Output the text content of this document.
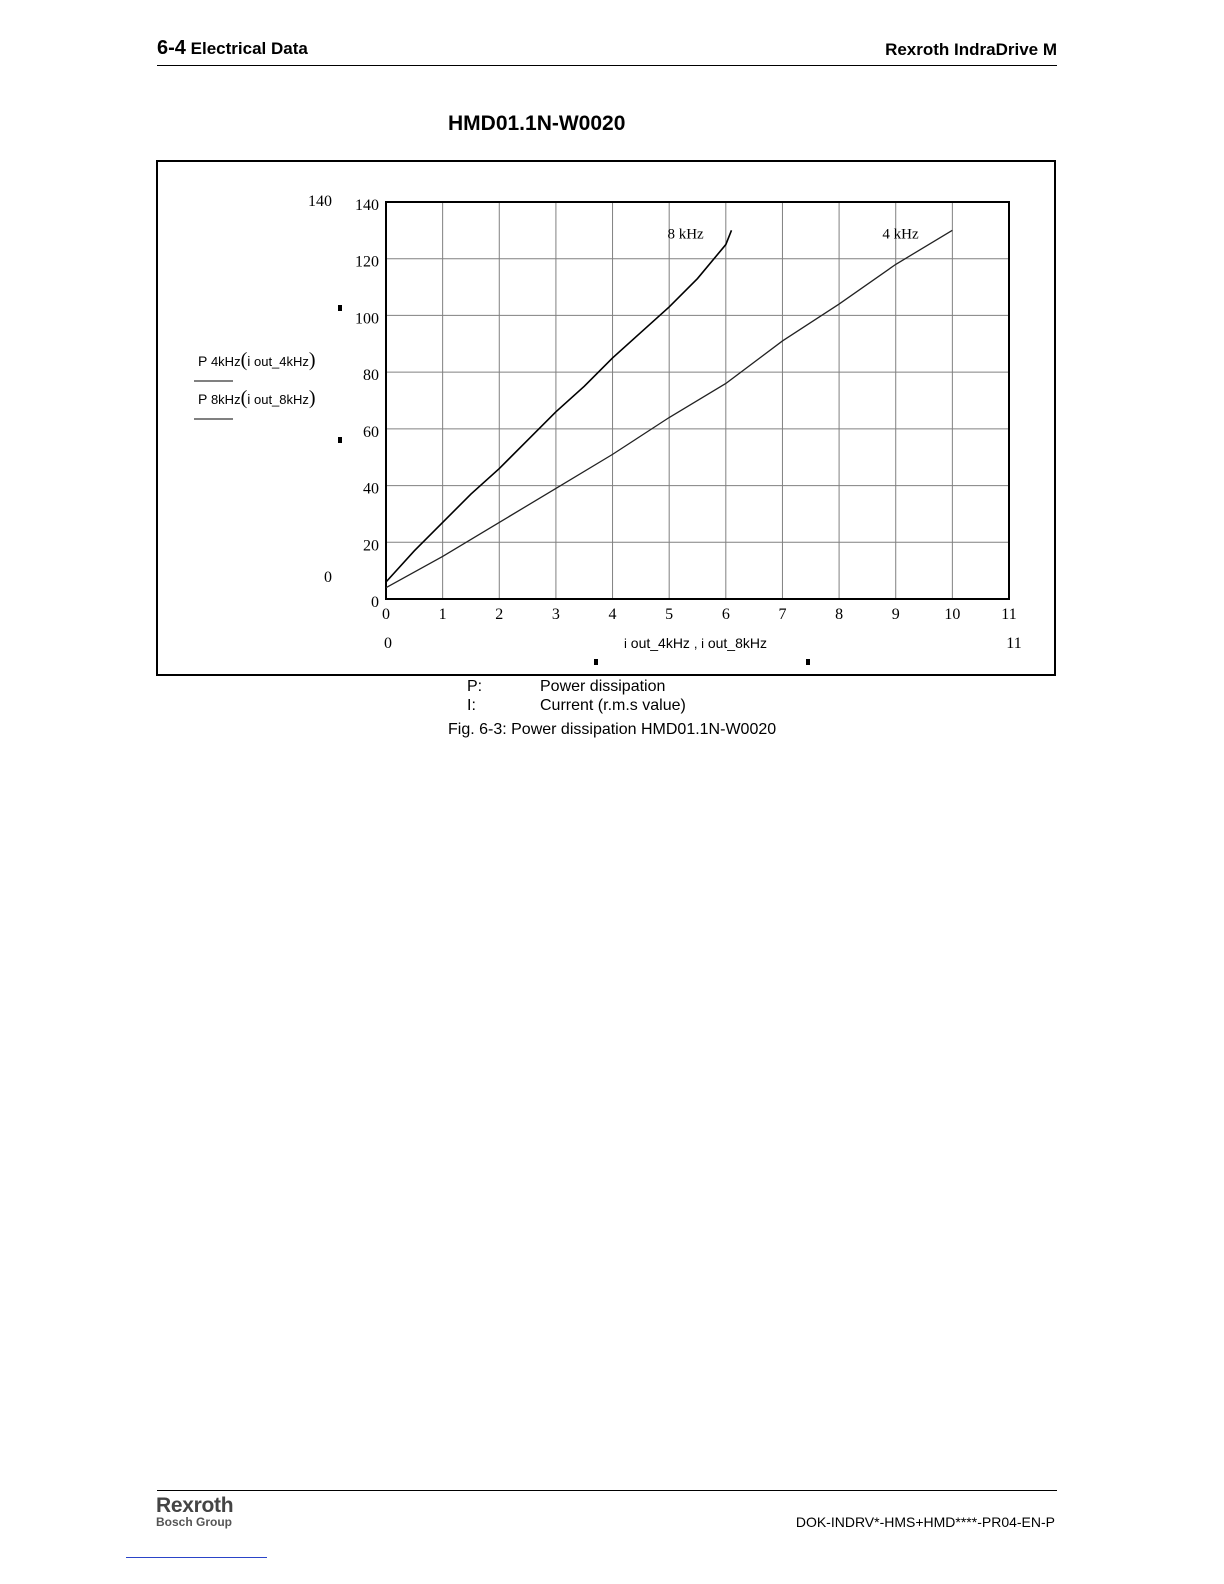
6-4 Electrical Data	Rexroth IndraDrive M
HMD01.1N-W0020
8 kHz	4 kHz
0	1	2	3	4	5	6	7	8	9	10	11
0
20
40
60
80
100
120
140
140
0
0	11
P 4kHz(i out_4kHz)
P 8kHz(i out_8kHz)
i out_4kHz , i out_8kHz
P:	Power dissipation
I:	Current (r.m.s value)
Fig. 6-3: Power dissipation HMD01.1N-W0020
Rexroth
Bosch Group	DOK-INDRV*-HMS+HMD****-PR04-EN-P
